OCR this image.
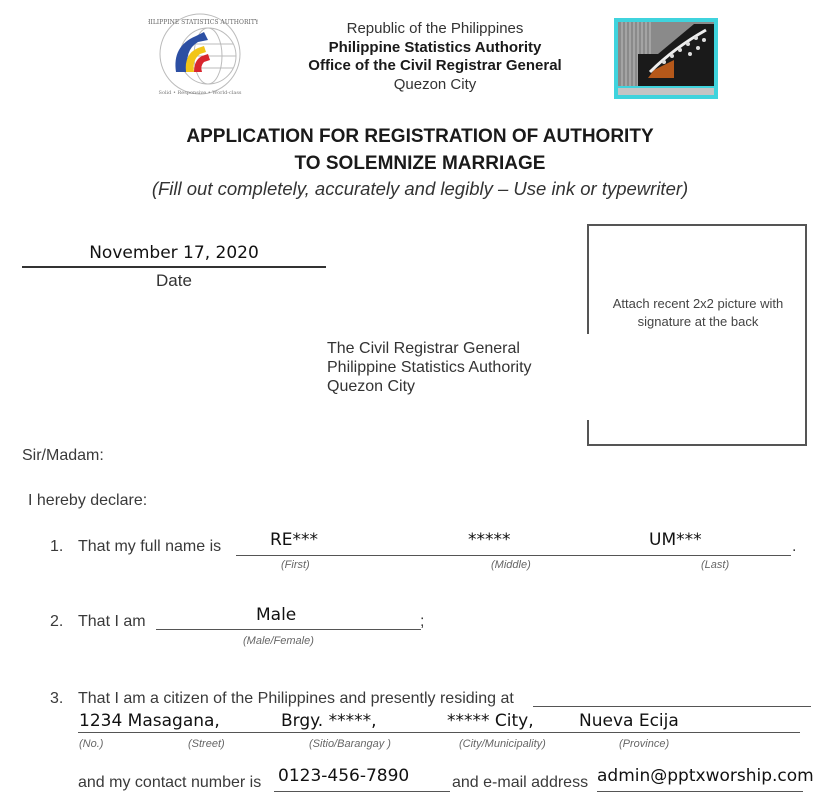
PHILIPPINE STATISTICS AUTHORITY
Solid • Responsive • World-class
Republic of the Philippines
Philippine Statistics Authority
Office of the Civil Registrar General
Quezon City
APPLICATION FOR REGISTRATION OF AUTHORITY
TO SOLEMNIZE MARRIAGE
(Fill out completely, accurately and legibly – Use ink or typewriter)
November 17, 2020
Date
Attach recent 2x2 picture with signature at the back
The Civil Registrar General
Philippine Statistics Authority
Quezon City
Sir/Madam:
I hereby declare:
1. That my full name is	.
RE***
(First)
*****
(Middle)
UM***
(Last)
2. That I am	;
Male
(Male/Female)
3. That I am a citizen of the Philippines and presently residing at
1234 Masagana,	Brgy. *****,	***** City,	Nueva Ecija
(No.)	(Street)	(Sitio/Barangay )	(City/Municipality)	(Province)
and my contact number is 0123-456-7890	and e-mail address admin@pptxworship.com
